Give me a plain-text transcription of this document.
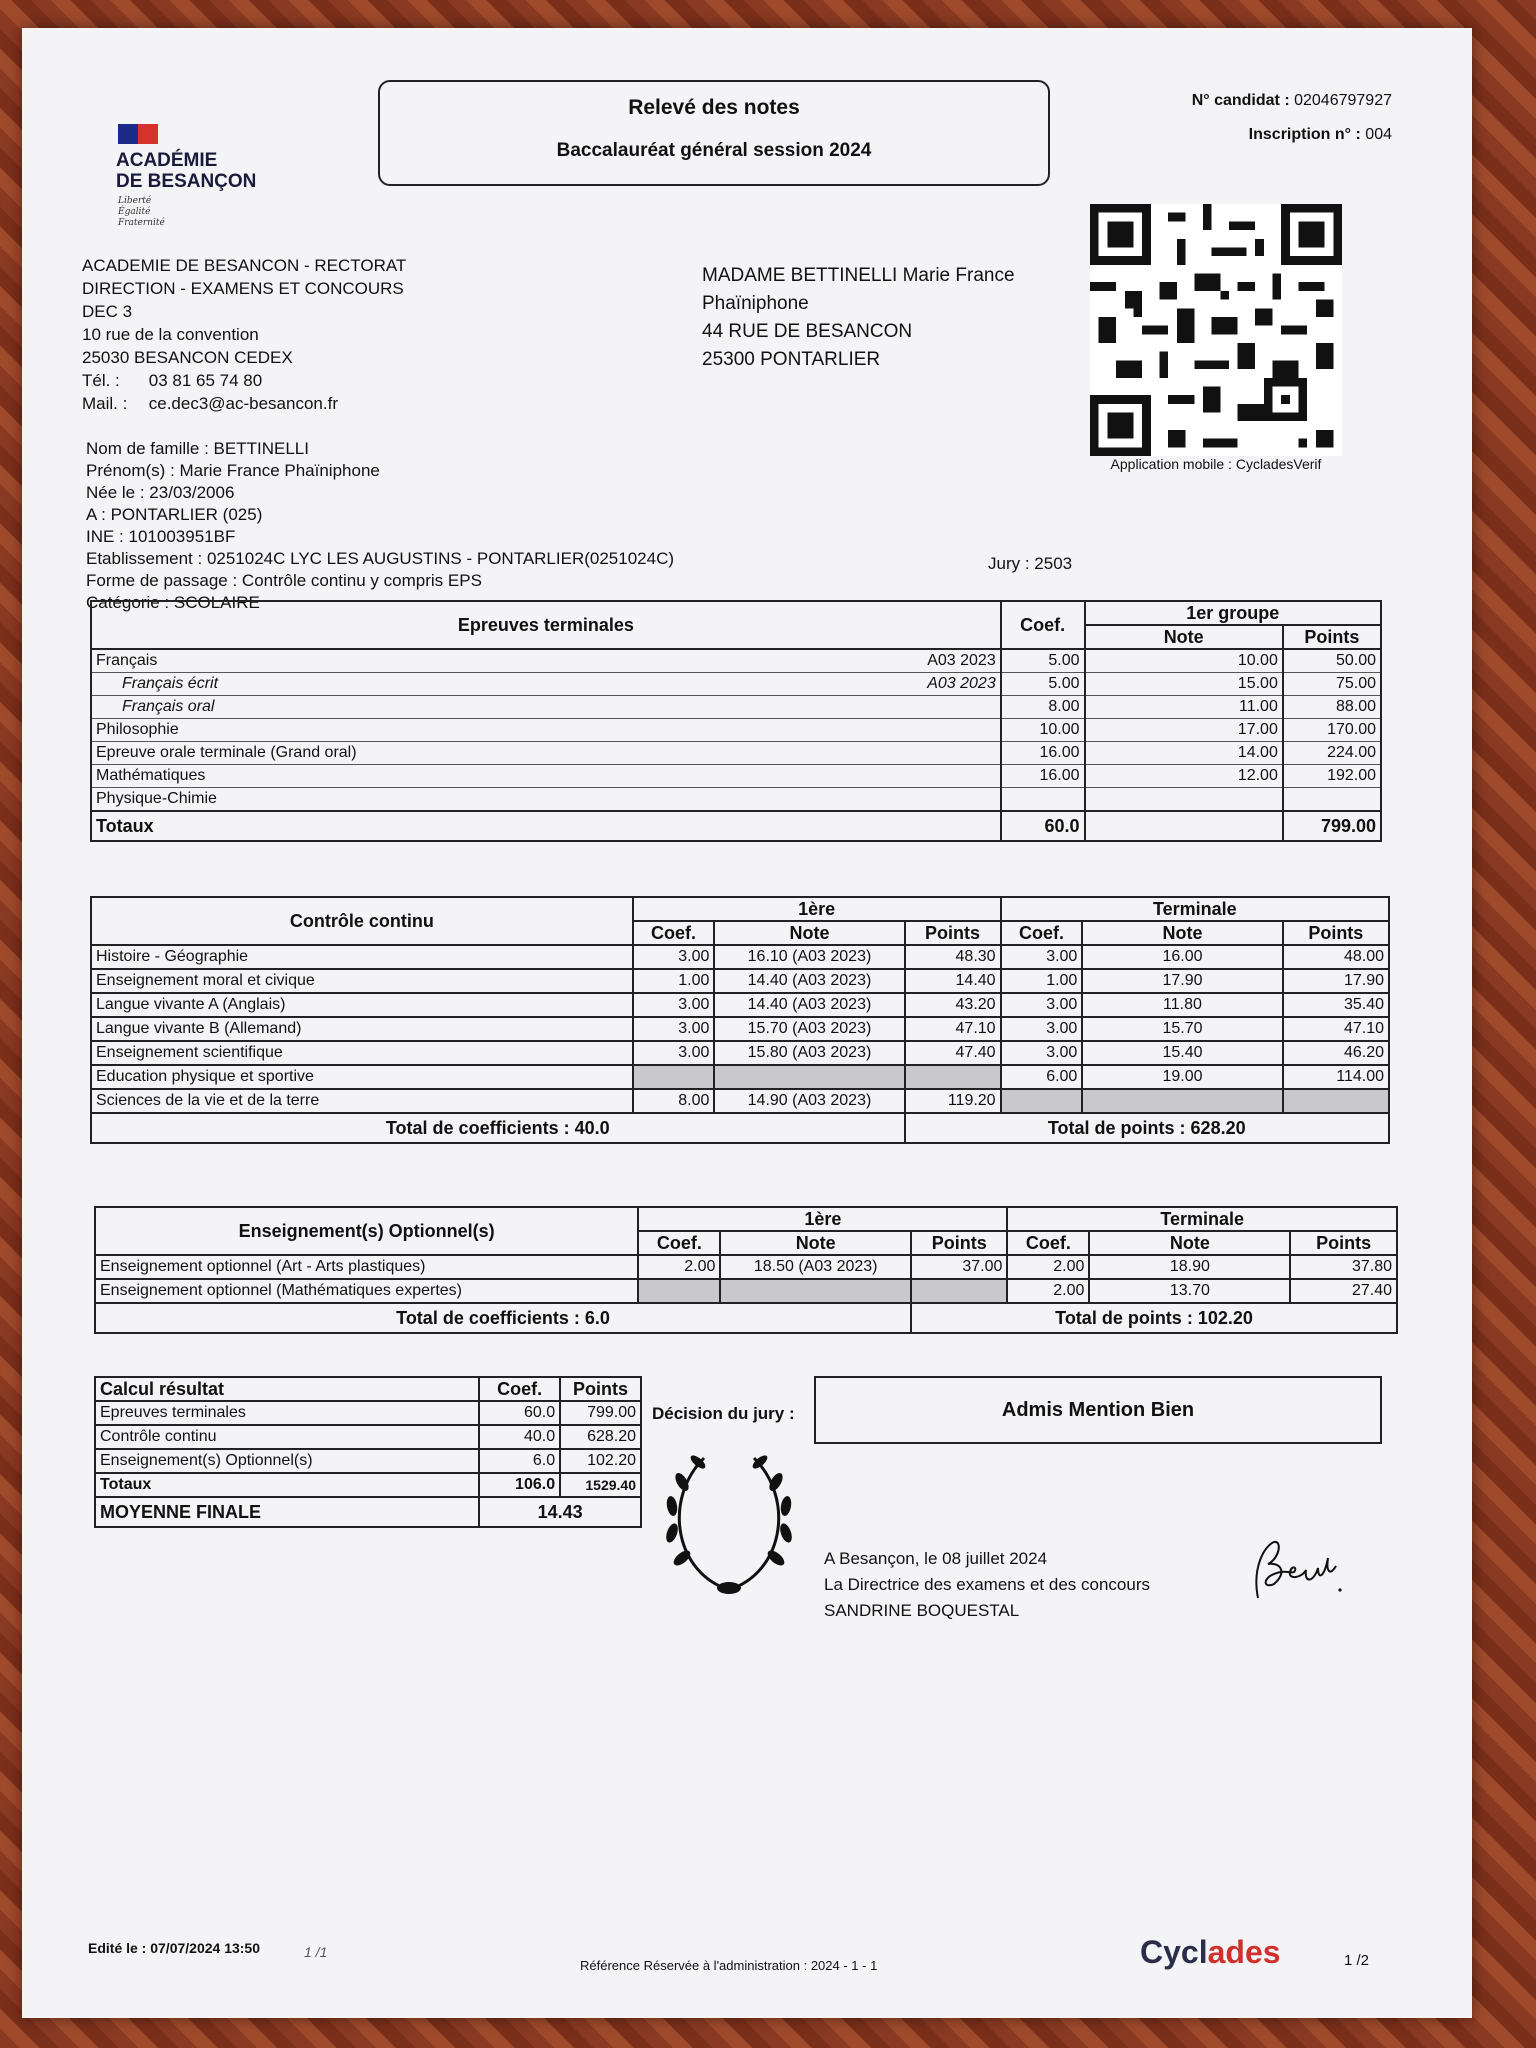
ACADÉMIE
DE BESANÇON
Liberté
Égalité
Fraternité
Relevé des notes
Baccalauréat général session 2024
N° candidat : 02046797927
Inscription n° : 004
Application mobile : CycladesVerif
ACADEMIE DE BESANCON - RECTORAT
DIRECTION - EXAMENS ET CONCOURS
DEC 3
10 rue de la convention
25030 BESANCON CEDEX
Tél. : 03 81 65 74 80
Mail. : ce.dec3@ac-besancon.fr
MADAME BETTINELLI Marie France
Phaïniphone
44 RUE DE BESANCON
25300 PONTARLIER
Nom de famille : BETTINELLI
Prénom(s) : Marie France Phaïniphone
Née le : 23/03/2006
A : PONTARLIER (025)
INE : 101003951BF
Etablissement : 0251024C LYC LES AUGUSTINS - PONTARLIER(0251024C)
Forme de passage : Contrôle continu y compris EPS
Catégorie : SCOLAIRE
Jury : 2503
Epreuves terminales	Coef.	1er groupe	
		Note	Points
Français A03 2023	5.00	10.00	50.00
Français écrit A03 2023	5.00	15.00	75.00
Français oral	8.00	11.00	88.00
Philosophie	10.00	17.00	170.00
Epreuve orale terminale (Grand oral)	16.00	14.00	224.00
Mathématiques	16.00	12.00	192.00
Physique-Chimie

Totaux	60.0		799.00
Contrôle continu	1ère			Terminale		
	Coef.	Note	Points	Coef.	Note	Points
Histoire - Géographie	3.00	16.10 (A03 2023)	48.30	3.00	16.00	48.00
Enseignement moral et civique	1.00	14.40 (A03 2023)	14.40	1.00	17.90	17.90
Langue vivante A (Anglais)	3.00	14.40 (A03 2023)	43.20	3.00	11.80	35.40
Langue vivante B (Allemand)	3.00	15.70 (A03 2023)	47.10	3.00	15.70	47.10
Enseignement scientifique	3.00	15.80 (A03 2023)	47.40	3.00	15.40	46.20
Education physique et sportive				6.00	19.00	114.00
Sciences de la vie et de la terre	8.00	14.90 (A03 2023)	119.20			
Total de coefficients : 40.0			Total de points : 628.20			
Enseignement(s) Optionnel(s)	1ère			Terminale		
	Coef.	Note	Points	Coef.	Note	Points
Enseignement optionnel (Art - Arts plastiques)	2.00	18.50 (A03 2023)	37.00	2.00	18.90	37.80
Enseignement optionnel (Mathématiques expertes)				2.00	13.70	27.40
Total de coefficients : 6.0			Total de points : 102.20			
Calcul résultat	Coef.	Points
Epreuves terminales	60.0	799.00
Contrôle continu	40.0	628.20
Enseignement(s) Optionnel(s)	6.0	102.20
Totaux	106.0	1529.40
MOYENNE FINALE	14.43	
Décision du jury :	Admis Mention Bien
A Besançon, le 08 juillet 2024
La Directrice des examens et des concours
SANDRINE BOQUESTAL
Edité le : 07/07/2024 13:50	1 /1
Référence Réservée à l'administration : 2024 - 1 - 1	Cyclades	1 /2
